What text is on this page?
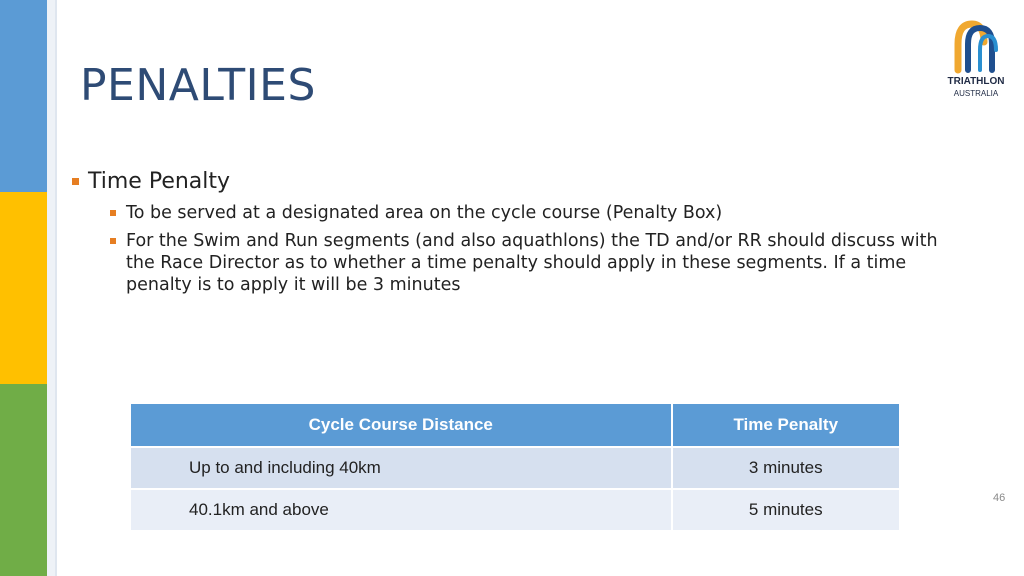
PENALTIES	TRIATHLON
AUSTRALIA
Time Penalty
To be served at a designated area on the cycle course (Penalty Box)
For the Swim and Run segments (and also aquathlons) the TD and/or RR should discuss with the Race Director as to whether a time penalty should apply in these segments. If a time penalty is to apply it will be 3 minutes
Cycle Course Distance	Time Penalty
Up to and including 40km	3 minutes
40.1km and above	5 minutes
46
